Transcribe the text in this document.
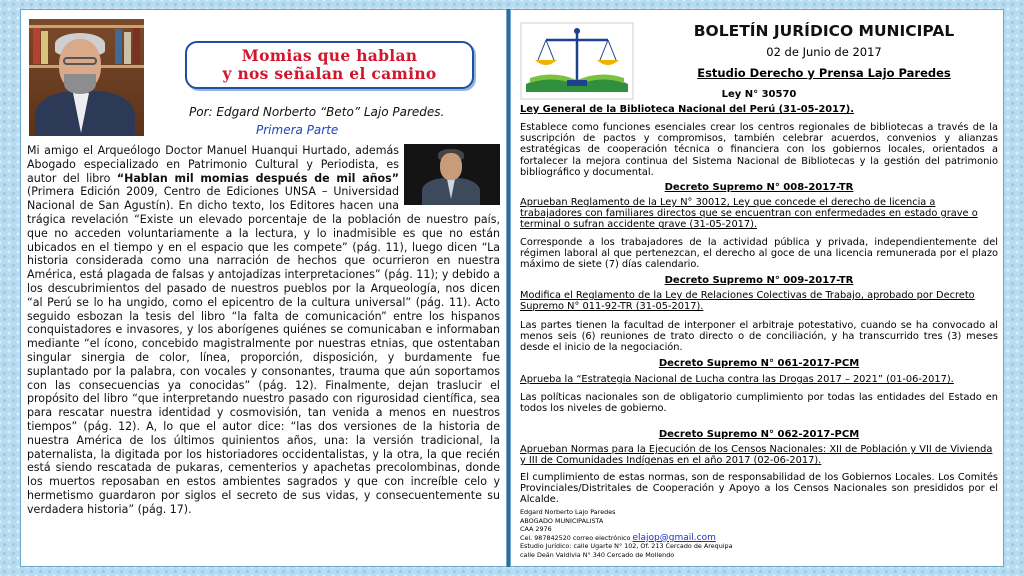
Momias que hablan
y nos señalan el camino
Por: Edgard Norberto “Beto” Lajo Paredes.
Primera Parte

Mi amigo el Arqueólogo Doctor Manuel Huanqui Hurtado, además Abogado especializado en Patrimonio Cultural y Periodista, es autor del libro “Hablan mil momias después de mil años” (Primera Edición 2009, Centro de Ediciones UNSA – Universidad Nacional de San Agustín). En dicho texto, los Editores hacen una trágica revelación “Existe un elevado porcentaje de la población de nuestro país, que no acceden voluntariamente a la lectura, y lo inadmisible es que no están ubicados en el tiempo y en el espacio que les compete” (pág. 11), luego dicen “La historia considerada como una narración de hechos que ocurrieron en nuestra América, está plagada de falsas y antojadizas interpretaciones” (pág. 11); y debido a los descubrimientos del pasado de nuestros pueblos por la Arqueología, nos dicen “al Perú se lo ha ungido, como el epicentro de la cultura universal” (pág. 11). Acto seguido esbozan la tesis del libro “la falta de comunicación” entre los hispanos conquistadores e invasores, y los aborígenes quiénes se comunicaban e informaban mediante “el ícono, concebido magistralmente por nuestras etnias, que ostentaban singular sinergia de color, línea, proporción, disposición, y burdamente fue suplantado por la palabra, con vocales y consonantes, trauma que aún soportamos con las consecuencias ya conocidas” (pág. 12). Finalmente, dejan traslucir el propósito del libro “que interpretando nuestro pasado con rigurosidad científica, sea para rescatar nuestra identidad y cosmovisión, tan venida a menos en nuestros tiempos” (pág. 12). A, lo que el autor dice: “las dos versiones de la historia de nuestra América de los últimos quinientos años, una: la versión tradicional, la paternalista, la digitada por los historiadores occidentalistas, y la otra, la que recién está siendo rescatada de pukaras, cementerios y apachetas precolombinas, donde los muertos reposaban en estos ambientes sagrados y que con increíble celo y hermetismo guardaron por siglos el secreto de sus vidas, y consecuentemente su verdadera historia” (pág. 17).

BOLETÍN JURÍDICO MUNICIPAL
02 de Junio de 2017
Estudio Derecho y Prensa Lajo Paredes
Ley N° 30570
Ley General de la Biblioteca Nacional del Perú (31-05-2017).
Establece como funciones esenciales crear los centros regionales de bibliotecas a través de la suscripción de pactos y compromisos, también celebrar acuerdos, convenios y alianzas estratégicas de cooperación técnica o financiera con los gobiernos locales, orientados a fortalecer la mejora continua del Sistema Nacional de Bibliotecas y la gestión del patrimonio bibliográfico y documental.
Decreto Supremo N° 008-2017-TR
Aprueban Reglamento de la Ley N° 30012, Ley que concede el derecho de licencia a trabajadores con familiares directos que se encuentran con enfermedades en estado grave o terminal o sufran accidente grave (31-05-2017).
Corresponde a los trabajadores de la actividad pública y privada, independientemente del régimen laboral al que pertenezcan, el derecho al goce de una licencia remunerada por el plazo máximo de siete (7) días calendario.
Decreto Supremo N° 009-2017-TR
Modifica el Reglamento de la Ley de Relaciones Colectivas de Trabajo, aprobado por Decreto Supremo N° 011-92-TR (31-05-2017).
Las partes tienen la facultad de interponer el arbitraje potestativo, cuando se ha convocado al menos seis (6) reuniones de trato directo o de conciliación, y ha transcurrido tres (3) meses desde el inicio de la negociación.
Decreto Supremo N° 061-2017-PCM
Aprueba la “Estrategia Nacional de Lucha contra las Drogas 2017 – 2021” (01-06-2017).
Las políticas nacionales son de obligatorio cumplimiento por todas las entidades del Estado en todos los niveles de gobierno.
Decreto Supremo N° 062-2017-PCM
Aprueban Normas para la Ejecución de los Censos Nacionales: XII de Población y VII de Vivienda y III de Comunidades Indígenas en el año 2017 (02-06-2017).
El cumplimiento de estas normas, son de responsabilidad de los Gobiernos Locales. Los Comités Provinciales/Distritales de Cooperación y Apoyo a los Censos Nacionales son presididos por el Alcalde.
Edgard Norberto Lajo Paredes
ABOGADO MUNICIPALISTA
CAA 2976
Cel. 987842520 correo electrónico elajop@gmail.com
Estudio Jurídico: calle Ugarte N° 102, Of. 213 Cercado de Arequipa
calle Deán Valdivia N° 340 Cercado de Mollendo
